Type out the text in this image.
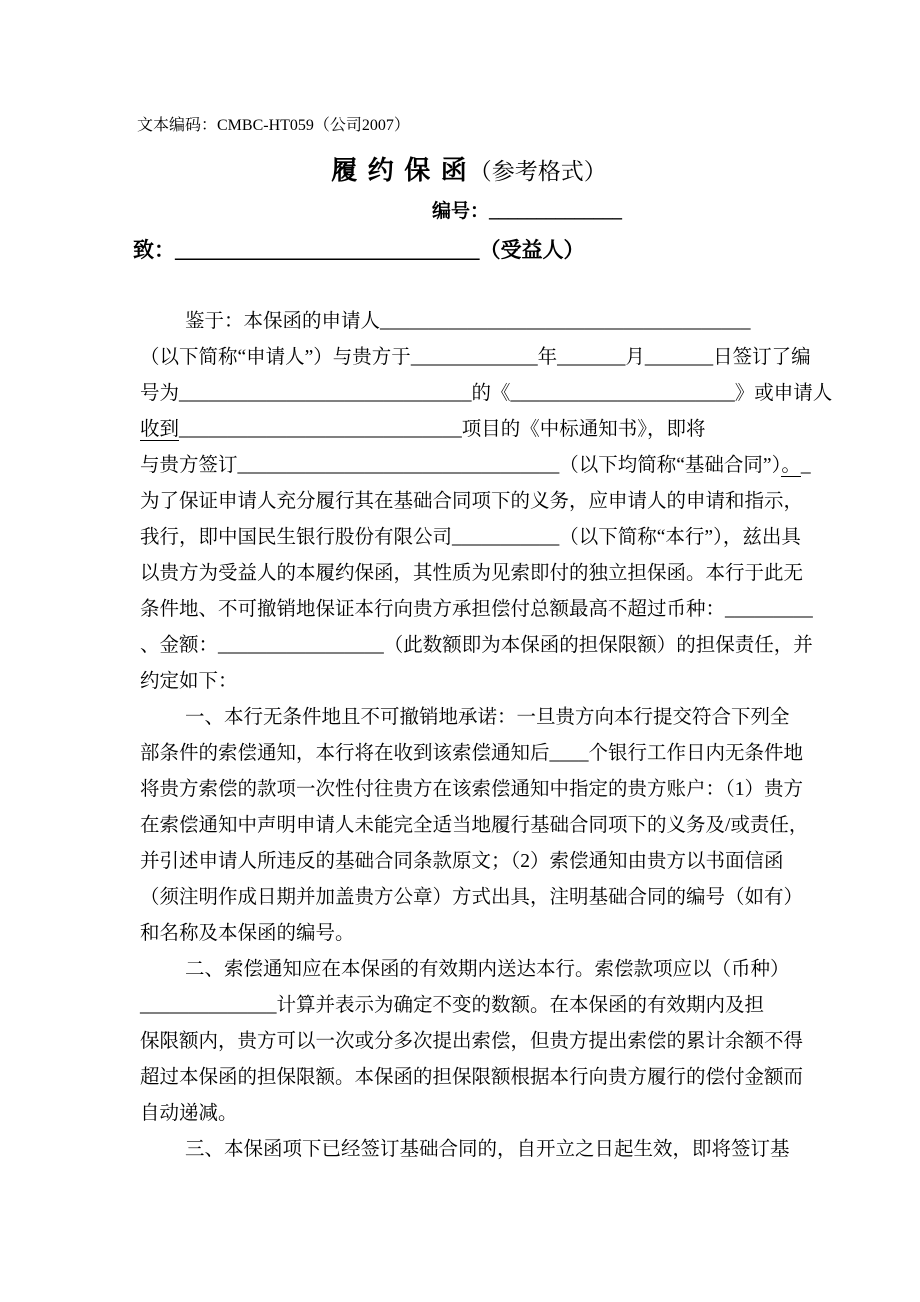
文本编码：CMBC-HT059（公司2007）
履 约 保 函（参考格式）
编号：______________
致：_____________________________（受益人）
鉴于：本保函的申请人______________________________________
（以下简称“申请人”）与贵方于_____________年_______月_______日签订了编
号为______________________________的《_______________________》或申请人
收到_____________________________项目的《中标通知书》，即将
与贵方签订_________________________________（以下均简称“基础合同”）。_
为了保证申请人充分履行其在基础合同项下的义务，应申请人的申请和指示，
我行，即中国民生银行股份有限公司___________（以下简称“本行”），兹出具
以贵方为受益人的本履约保函，其性质为见索即付的独立担保函。本行于此无
条件地、不可撤销地保证本行向贵方承担偿付总额最高不超过币种：_________
、金额：_________________（此数额即为本保函的担保限额）的担保责任，并
约定如下：
一、本行无条件地且不可撤销地承诺：一旦贵方向本行提交符合下列全
部条件的索偿通知，本行将在收到该索偿通知后____个银行工作日内无条件地
将贵方索偿的款项一次性付往贵方在该索偿通知中指定的贵方账户：（1）贵方
在索偿通知中声明申请人未能完全适当地履行基础合同项下的义务及/或责任，
并引述申请人所违反的基础合同条款原文；（2）索偿通知由贵方以书面信函
（须注明作成日期并加盖贵方公章）方式出具，注明基础合同的编号（如有）
和名称及本保函的编号。
二、索偿通知应在本保函的有效期内送达本行。索偿款项应以（币种）
______________计算并表示为确定不变的数额。在本保函的有效期内及担
保限额内，贵方可以一次或分多次提出索偿，但贵方提出索偿的累计余额不得
超过本保函的担保限额。本保函的担保限额根据本行向贵方履行的偿付金额而
自动递减。
三、本保函项下已经签订基础合同的，自开立之日起生效，即将签订基
